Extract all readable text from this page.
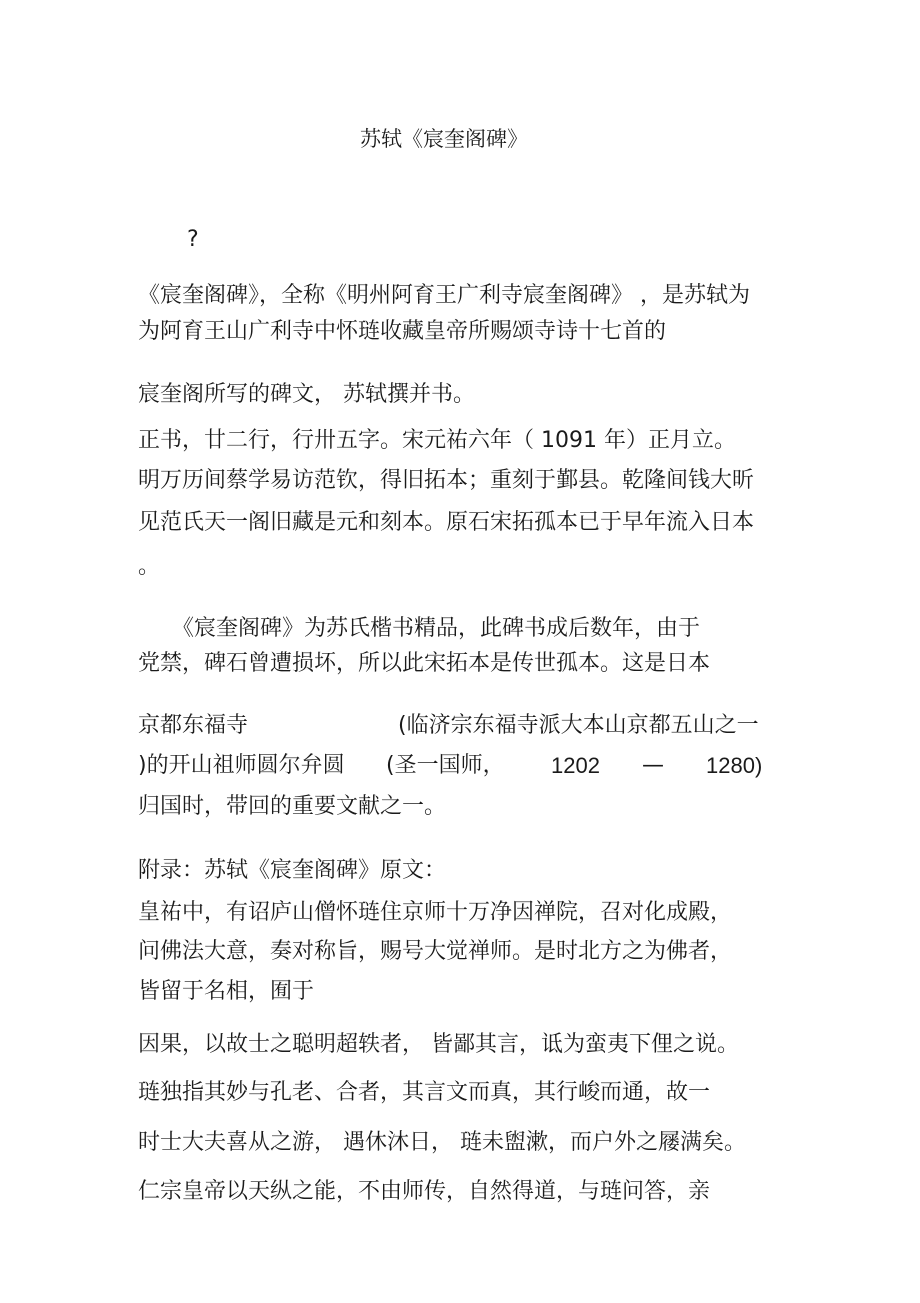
苏轼《宸奎阁碑》
?
《宸奎阁碑》，全称《明州阿育王广利寺宸奎阁碑》 ，是苏轼为
为阿育王山广利寺中怀琏收藏皇帝所赐颂寺诗十七首的
宸奎阁所写的碑文， 苏轼撰并书。
正书，廿二行，行卅五字。宋元祐六年（ 1091 年）正月立。
明万历间蔡学易访范钦，得旧拓本；重刻于鄞县。乾隆间钱大昕
见范氏天一阁旧藏是元和刻本。原石宋拓孤本已于早年流入日本
。
《宸奎阁碑》为苏氏楷书精品，此碑书成后数年，由于
党禁，碑石曾遭损坏，所以此宋拓本是传世孤本。这是日本
京都东福寺	(临济宗东福寺派大本山京都五山之一
)的开山祖师圆尔弁圆 (圣一国师， 1202 — 1280)
归国时，带回的重要文献之一。
附录：苏轼《宸奎阁碑》原文：
皇祐中，有诏庐山僧怀琏住京师十万净因禅院，召对化成殿，
问佛法大意，奏对称旨，赐号大觉禅师。是时北方之为佛者，
皆留于名相，囿于
因果，以故士之聪明超轶者， 皆鄙其言，诋为蛮夷下俚之说。
琏独指其妙与孔老、合者，其言文而真，其行峻而通，故一
时士大夫喜从之游， 遇休沐日， 琏未盥漱，而户外之屦满矣。
仁宗皇帝以天纵之能，不由师传，自然得道，与琏问答，亲
